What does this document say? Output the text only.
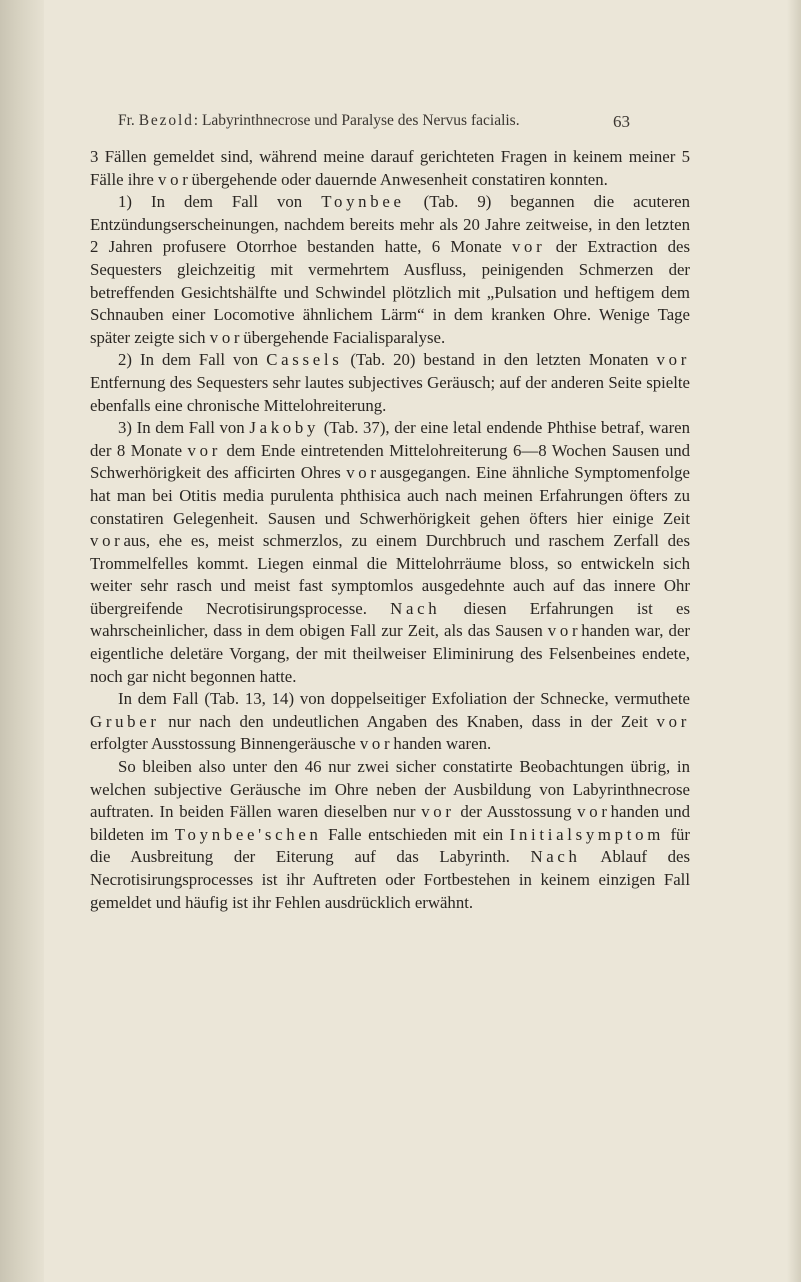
Fr. Bezold: Labyrinthnecrose und Paralyse des Nervus facialis.	63

3 Fällen gemeldet sind, während meine darauf gerichteten Fragen in keinem meiner 5 Fälle ihre vorübergehende oder dauernde Anwesenheit constatiren konnten.

1) In dem Fall von Toynbee (Tab. 9) begannen die acuteren Entzündungserscheinungen, nachdem bereits mehr als 20 Jahre zeitweise, in den letzten 2 Jahren profusere Otorrhoe bestanden hatte, 6 Monate vor der Extraction des Sequesters gleichzeitig mit vermehrtem Ausfluss, peinigenden Schmerzen der betreffenden Gesichtshälfte und Schwindel plötzlich mit „Pulsation und heftigem dem Schnauben einer Locomotive ähnlichem Lärm“ in dem kranken Ohre. Wenige Tage später zeigte sich vorübergehende Facialisparalyse.

2) In dem Fall von Cassels (Tab. 20) bestand in den letzten Monaten vor Entfernung des Sequesters sehr lautes subjectives Geräusch; auf der anderen Seite spielte ebenfalls eine chronische Mittelohreiterung.

3) In dem Fall von Jakoby (Tab. 37), der eine letal endende Phthise betraf, waren der 8 Monate vor dem Ende eintretenden Mittelohreiterung 6—8 Wochen Sausen und Schwerhörigkeit des afficirten Ohres vorausgegangen. Eine ähnliche Symptomenfolge hat man bei Otitis media purulenta phthisica auch nach meinen Erfahrungen öfters zu constatiren Gelegenheit. Sausen und Schwerhörigkeit gehen öfters hier einige Zeit voraus, ehe es, meist schmerzlos, zu einem Durchbruch und raschem Zerfall des Trommelfelles kommt. Liegen einmal die Mittelohrräume bloss, so entwickeln sich weiter sehr rasch und meist fast symptomlos ausgedehnte auch auf das innere Ohr übergreifende Necrotisirungsprocesse. Nach diesen Erfahrungen ist es wahrscheinlicher, dass in dem obigen Fall zur Zeit, als das Sausen vorhanden war, der eigentliche deletäre Vorgang, der mit theilweiser Eliminirung des Felsenbeines endete, noch gar nicht begonnen hatte.

In dem Fall (Tab. 13, 14) von doppelseitiger Exfoliation der Schnecke, vermuthete Gruber nur nach den undeutlichen Angaben des Knaben, dass in der Zeit vor erfolgter Ausstossung Binnengeräusche vorhanden waren.

So bleiben also unter den 46 nur zwei sicher constatirte Beobachtungen übrig, in welchen subjective Geräusche im Ohre neben der Ausbildung von Labyrinthnecrose auftraten. In beiden Fällen waren dieselben nur vor der Ausstossung vorhanden und bildeten im Toynbee'schen Falle entschieden mit ein Initialsymptom für die Ausbreitung der Eiterung auf das Labyrinth. Nach Ablauf des Necrotisirungsprocesses ist ihr Auftreten oder Fortbestehen in keinem einzigen Fall gemeldet und häufig ist ihr Fehlen ausdrücklich erwähnt.
